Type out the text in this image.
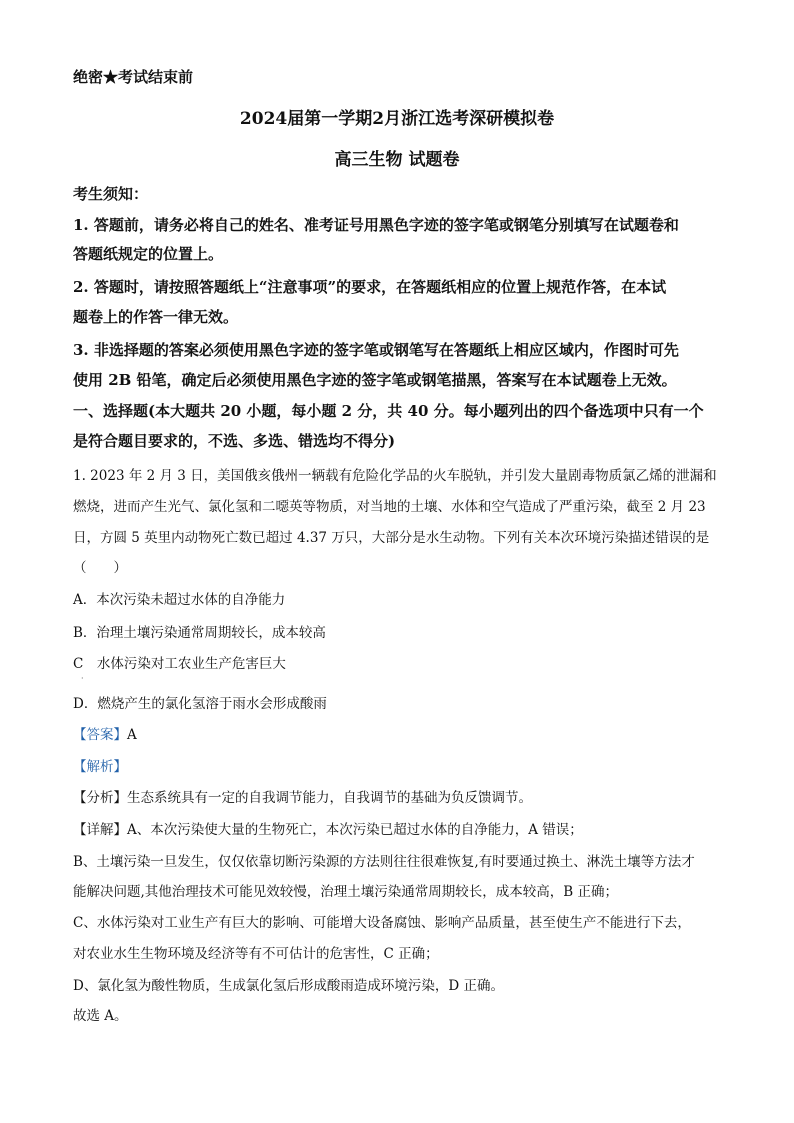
绝密★考试结束前
2024届第一学期2月浙江选考深研模拟卷
高三生物 试题卷
考生须知：
1. 答题前，请务必将自己的姓名、准考证号用黑色字迹的签字笔或钢笔分别填写在试题卷和
答题纸规定的位置上。
2. 答题时，请按照答题纸上“注意事项”的要求，在答题纸相应的位置上规范作答，在本试
题卷上的作答一律无效。
3. 非选择题的答案必须使用黑色字迹的签字笔或钢笔写在答题纸上相应区域内，作图时可先
使用 2B 铅笔，确定后必须使用黑色字迹的签字笔或钢笔描黑，答案写在本试题卷上无效。
一、选择题(本大题共 20 小题，每小题 2 分，共 40 分。每小题列出的四个备选项中只有一个
是符合题目要求的，不选、多选、错选均不得分)
1. 2023 年 2 月 3 日，美国俄亥俄州一辆载有危险化学品的火车脱轨，并引发大量剧毒物质氯乙烯的泄漏和
燃烧，进而产生光气、氯化氢和二噁英等物质，对当地的土壤、水体和空气造成了严重污染，截至 2 月 23
日，方圆 5 英里内动物死亡数已超过 4.37 万只，大部分是水生动物。下列有关本次环境污染描述错误的是
（　　）
A．本次污染未超过水体的自净能力
B．治理土壤污染通常周期较长，成本较高
C　水体污染对工农业生产危害巨大
·
D．燃烧产生的氯化氢溶于雨水会形成酸雨
【答案】A
【解析】
【分析】生态系统具有一定的自我调节能力，自我调节的基础为负反馈调节。
【详解】A、本次污染使大量的生物死亡，本次污染已超过水体的自净能力，A 错误；
B、土壤污染一旦发生，仅仅依靠切断污染源的方法则往往很难恢复,有时要通过换土、淋洗土壤等方法才
能解决问题,其他治理技术可能见效较慢，治理土壤污染通常周期较长，成本较高，B 正确；
C、水体污染对工业生产有巨大的影响、可能增大设备腐蚀、影响产品质量，甚至使生产不能进行下去，
对农业水生生物环境及经济等有不可估计的危害性，C 正确；
D、氯化氢为酸性物质，生成氯化氢后形成酸雨造成环境污染，D 正确。
故选 A。
